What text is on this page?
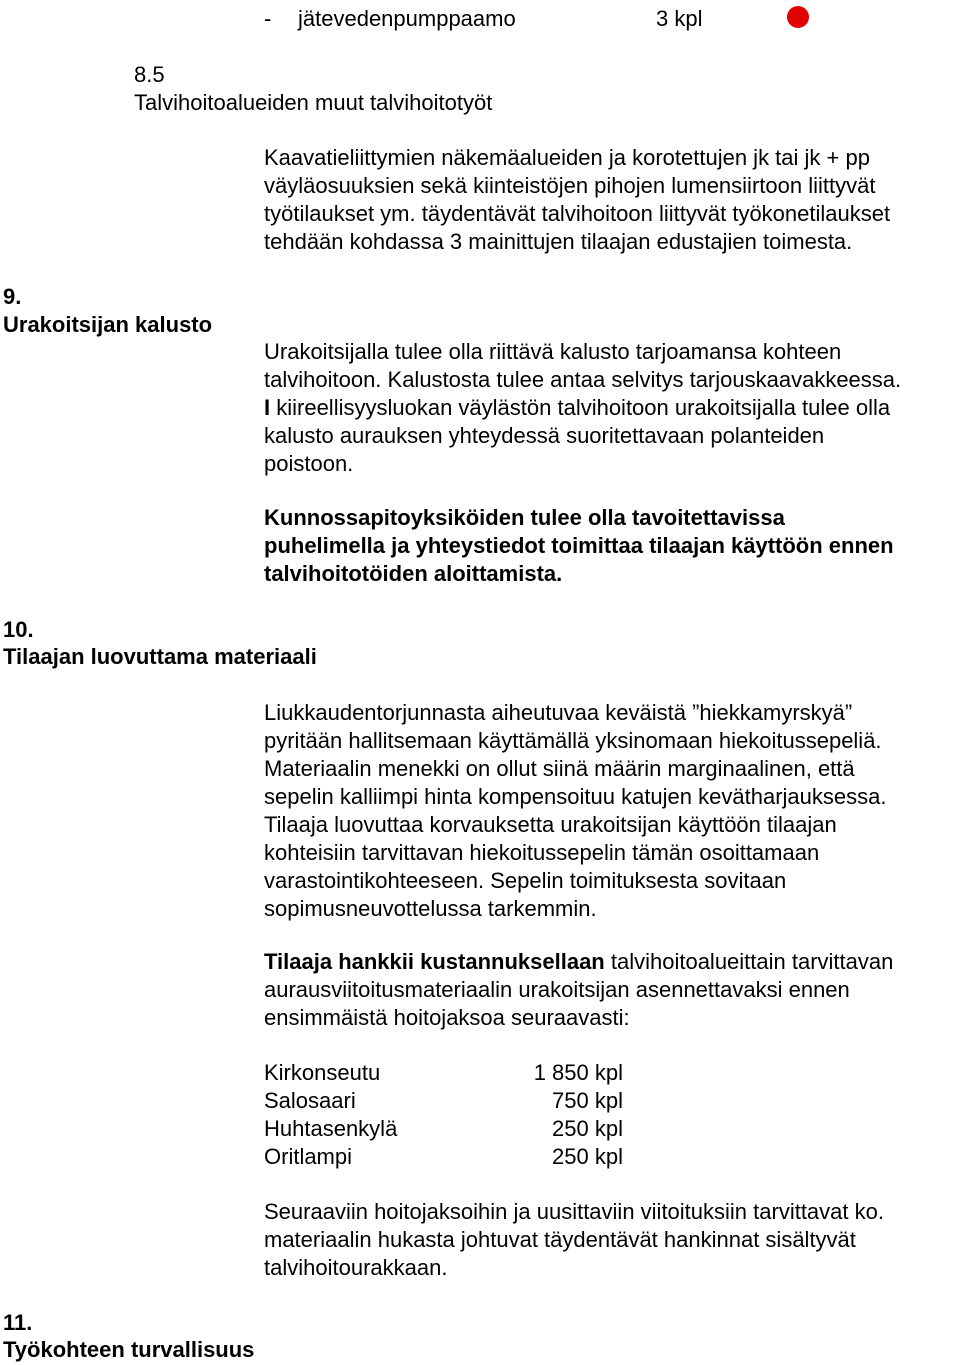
- jätevedenpumppaamo	3 kpl
8.5
Talvihoitoalueiden muut talvihoitotyöt
Kaavatieliittymien näkemäalueiden ja korotettujen jk tai jk + pp
väyläosuuksien sekä kiinteistöjen pihojen lumensiirtoon liittyvät
työtilaukset ym. täydentävät talvihoitoon liittyvät työkonetilaukset
tehdään kohdassa 3 mainittujen tilaajan edustajien toimesta.
9.
Urakoitsijan kalusto
Urakoitsijalla tulee olla riittävä kalusto tarjoamansa kohteen
talvihoitoon. Kalustosta tulee antaa selvitys tarjouskaavakkeessa.
I kiireellisyysluokan väylästön talvihoitoon urakoitsijalla tulee olla
kalusto aurauksen yhteydessä suoritettavaan polanteiden
poistoon.
Kunnossapitoyksiköiden tulee olla tavoitettavissa
puhelimella ja yhteystiedot toimittaa tilaajan käyttöön ennen
talvihoitotöiden aloittamista.
10.
Tilaajan luovuttama materiaali
Liukkaudentorjunnasta aiheutuvaa keväistä ”hiekkamyrskyä”
pyritään hallitsemaan käyttämällä yksinomaan hiekoitussepeliä.
Materiaalin menekki on ollut siinä määrin marginaalinen, että
sepelin kalliimpi hinta kompensoituu katujen kevätharjauksessa.
Tilaaja luovuttaa korvauksetta urakoitsijan käyttöön tilaajan
kohteisiin tarvittavan hiekoitussepelin tämän osoittamaan
varastointikohteeseen. Sepelin toimituksesta sovitaan
sopimusneuvottelussa tarkemmin.
Tilaaja hankkii kustannuksellaan talvihoitoalueittain tarvittavan
aurausviitoitusmateriaalin urakoitsijan asennettavaksi ennen
ensimmäistä hoitojaksoa seuraavasti:
Kirkonseutu	1 850 kpl
Salosaari	750 kpl
Huhtasenkylä	250 kpl
Oritlampi	250 kpl
Seuraaviin hoitojaksoihin ja uusittaviin viitoituksiin tarvittavat ko.
materiaalin hukasta johtuvat täydentävät hankinnat sisältyvät
talvihoitourakkaan.
11.
Työkohteen turvallisuus
